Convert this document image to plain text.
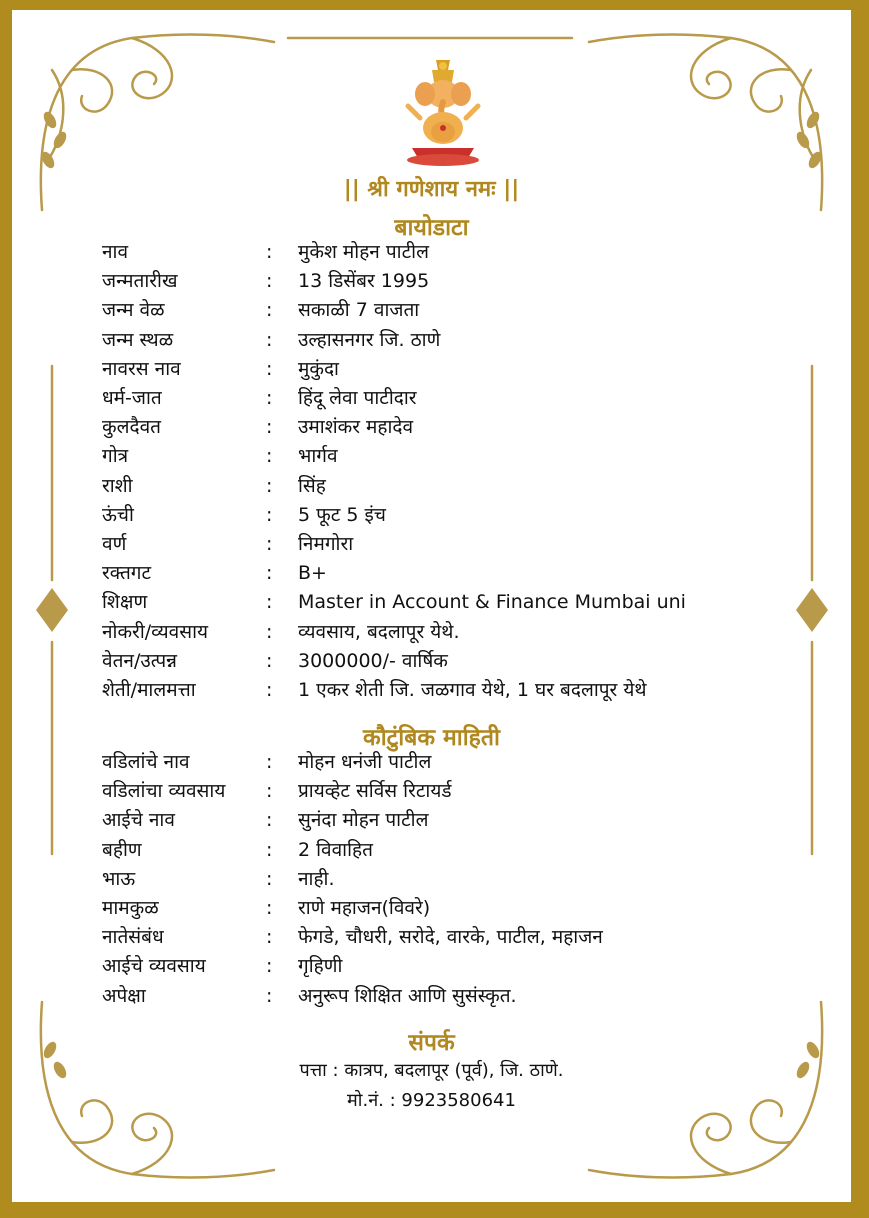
|| श्री गणेशाय नमः ||
बायोडाटा
नाव	: मुकेश मोहन पाटील
जन्मतारीख	: 13 डिसेंबर 1995
जन्म वेळ	: सकाळी 7 वाजता
जन्म स्थळ	: उल्हासनगर जि. ठाणे
नावरस नाव	: मुकुंदा
धर्म-जात	: हिंदू लेवा पाटीदार
कुलदैवत	: उमाशंकर महादेव
गोत्र	: भार्गव
राशी	: सिंह
ऊंची	: 5 फूट 5 इंच
वर्ण	: निमगोरा
रक्तगट	: B+
शिक्षण	: Master in Account & Finance Mumbai uni
नोकरी/व्यवसाय	: व्यवसाय, बदलापूर येथे.
वेतन/उत्पन्न	: 3000000/- वार्षिक
शेती/मालमत्ता	: 1 एकर शेती जि. जळगाव येथे, 1 घर बदलापूर येथे
कौटुंबिक माहिती
वडिलांचे नाव	: मोहन धनंजी पाटील
वडिलांचा व्यवसाय : प्रायव्हेट सर्विस रिटायर्ड
आईचे नाव	: सुनंदा मोहन पाटील
बहीण	: 2 विवाहित
भाऊ	: नाही.
मामकुळ	: राणे महाजन(विवरे)
नातेसंबंध	: फेगडे, चौधरी, सरोदे, वारके, पाटील, महाजन
आईचे व्यवसाय	: गृहिणी
अपेक्षा	: अनुरूप शिक्षित आणि सुसंस्कृत.
संपर्क
पत्ता : कात्रप, बदलापूर (पूर्व), जि. ठाणे.
मो.नं. : 9923580641
